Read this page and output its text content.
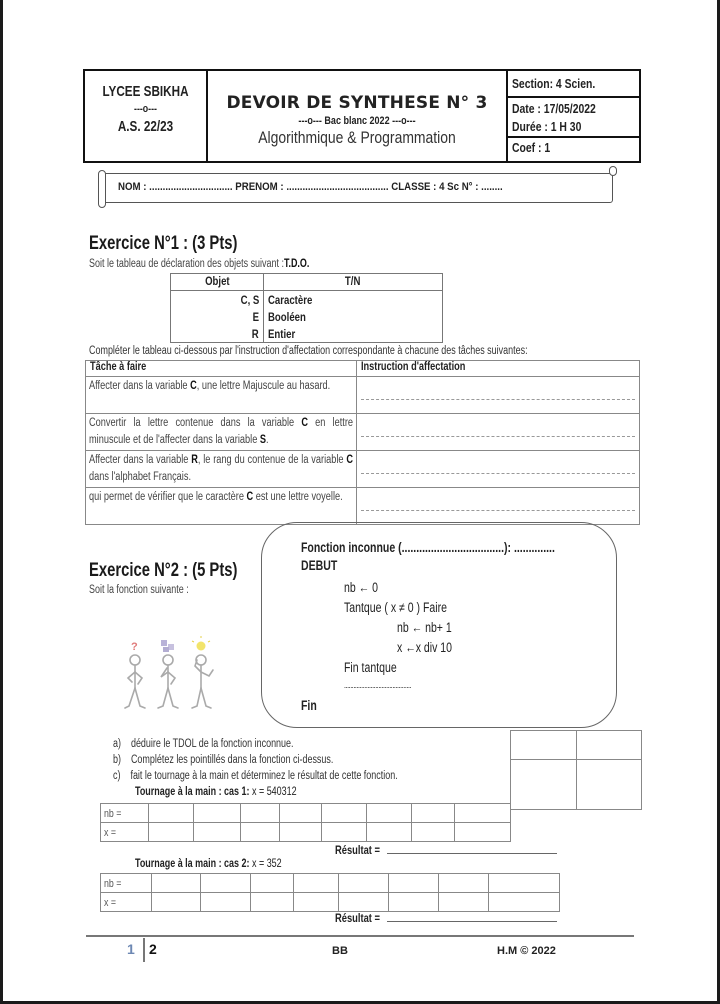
LYCEE SBIKHA
---o---
A.S. 22/23
DEVOIR DE SYNTHESE N° 3
---o--- Bac blanc 2022 ---o---
Algorithmique & Programmation
Section: 4 Scien.
Date : 17/05/2022
Durée : 1 H 30
Coef : 1
NOM : ............................... PRENOM : ...................................... CLASSE : 4 Sc N° : ........
Exercice N°1 : (3 Pts)
Soit le tableau de déclaration des objets suivant :T.D.O.
Objet	T/N
C, S Caractère
E Booléen
R Entier
Compléter le tableau ci-dessous par l'instruction d'affectation correspondante à chacune des tâches suivantes:
Tâche à faire	Instruction d'affectation

Affecter dans la variable C, une lettre Majuscule au hasard.	

Convertir la lettre contenue dans la variable C en lettre minuscule et de l'affecter dans la variable S.	

Affecter dans la variable R, le rang du contenue de la variable C dans l'alphabet Français.	

qui permet de vérifier que le caractère C est une lettre voyelle.	

Exercice N°2 : (5 Pts)
Soit la fonction suivante :
?
Fonction inconnue (...................................): ..............
DEBUT
nb ← 0
Tantque ( x ≠ 0 ) Faire
nb ← nb+ 1
x ←x div 10
Fin tantque
...........................................
Fin
a) déduire le TDOL de la fonction inconnue.
b) Complétez les pointillés dans la fonction ci-dessus.
c) fait le tournage à la main et déterminez le résultat de cette fonction.
Tournage à la main : cas 1: x = 540312
nb =								
x =								
Résultat =
Tournage à la main : cas 2: x = 352
nb =								
x =								
Résultat =
1 2	BB	H.M © 2022
